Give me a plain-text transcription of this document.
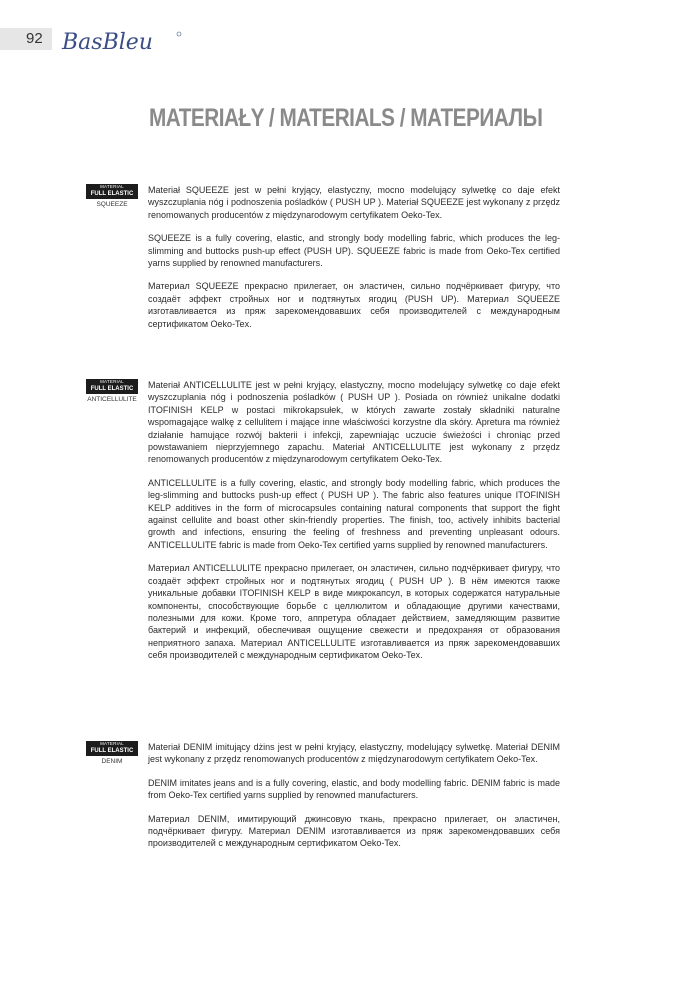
92 BasBleu
MATERIAŁY / MATERIALS / МАТЕРИАЛЫ
MATERIAL
FULL ELASTIC
SQUEEZE

Materiał SQUEEZE jest w pełni kryjący, elastyczny, mocno modelujący sylwetkę co daje efekt wyszczuplania nóg i podnoszenia pośladków ( PUSH UP ). Materiał SQUEEZE jest wykonany z przędz renomowanych producentów z międzynarodowym certyfikatem Oeko-Tex.

SQUEEZE is a fully covering, elastic, and strongly body modelling fabric, which produces the leg-slimming and buttocks push-up effect (PUSH UP). SQUEEZE fabric is made from Oeko-Tex certified yarns supplied by renowned manufacturers.

Материал SQUEEZE прекрасно прилегает, он эластичен, сильно подчёркивает фигуру, что создаёт эффект стройных ног и подтянутых ягодиц (PUSH UP). Материал SQUEEZE изготавливается из пряж зарекомендовавших себя производителей с международным сертификатом Oeko-Tex.

MATERIAL
FULL ELASTIC
ANTICELLULITE

Materiał ANTICELLULITE jest w pełni kryjący, elastyczny, mocno modelujący sylwetkę co daje efekt wyszczuplania nóg i podnoszenia pośladków ( PUSH UP ). Posiada on również unikalne dodatki ITOFINISH KELP w postaci mikrokapsułek, w których zawarte zostały składniki naturalne wspomagające walkę z cellulitem i mające inne właściwości korzystne dla skóry. Apretura ma również działanie hamujące rozwój bakterii i infekcji, zapewniając uczucie świeżości i chroniąc przed powstawaniem nieprzyjemnego zapachu. Materiał ANTICELLULITE jest wykonany z przędz renomowanych producentów z międzynarodowym certyfikatem Oeko-Tex.

ANTICELLULITE is a fully covering, elastic, and strongly body modelling fabric, which produces the leg-slimming and buttocks push-up effect ( PUSH UP ). The fabric also features unique ITOFINISH KELP additives in the form of microcapsules containing natural components that support the fight against cellulite and boast other skin-friendly properties. The finish, too, actively inhibits bacterial growth and infections, ensuring the feeling of freshness and preventing unpleasant odours. ANTICELLULITE fabric is made from Oeko-Tex certified yarns supplied by renowned manufacturers.

Материал ANTICELLULITE прекрасно прилегает, он эластичен, сильно подчёркивает фигуру, что создаёт эффект стройных ног и подтянутых ягодиц ( PUSH UP ). В нём имеются также уникальные добавки ITOFINISH KELP в виде микрокапсул, в которых содержатся натуральные компоненты, способствующие борьбе с целлюлитом и обладающие другими качествами, полезными для кожи. Кроме того, аппретура обладает действием, замедляющим развитие бактерий и инфекций, обеспечивая ощущение свежести и предохраняя от образования неприятного запаха. Материал ANTICELLULITE изготавливается из пряж зарекомендовавших себя производителей с международным сертификатом Oeko-Tex.

MATERIAL
FULL ELASTIC
DENIM

Materiał DENIM imitujący dżins jest w pełni kryjący, elastyczny, modelujący sylwetkę. Materiał DENIM jest wykonany z przędz renomowanych producentów z międzynarodowym certyfikatem Oeko-Tex.

DENIM imitates jeans and is a fully covering, elastic, and body modelling fabric. DENIM fabric is made from Oeko-Tex certified yarns supplied by renowned manufacturers.

Материал DENIM, имитирующий джинсовую ткань, прекрасно прилегает, он эластичен, подчёркивает фигуру. Материал DENIM изготавливается из пряж зарекомендовавших себя производителей с международным сертификатом Oeko-Tex.
